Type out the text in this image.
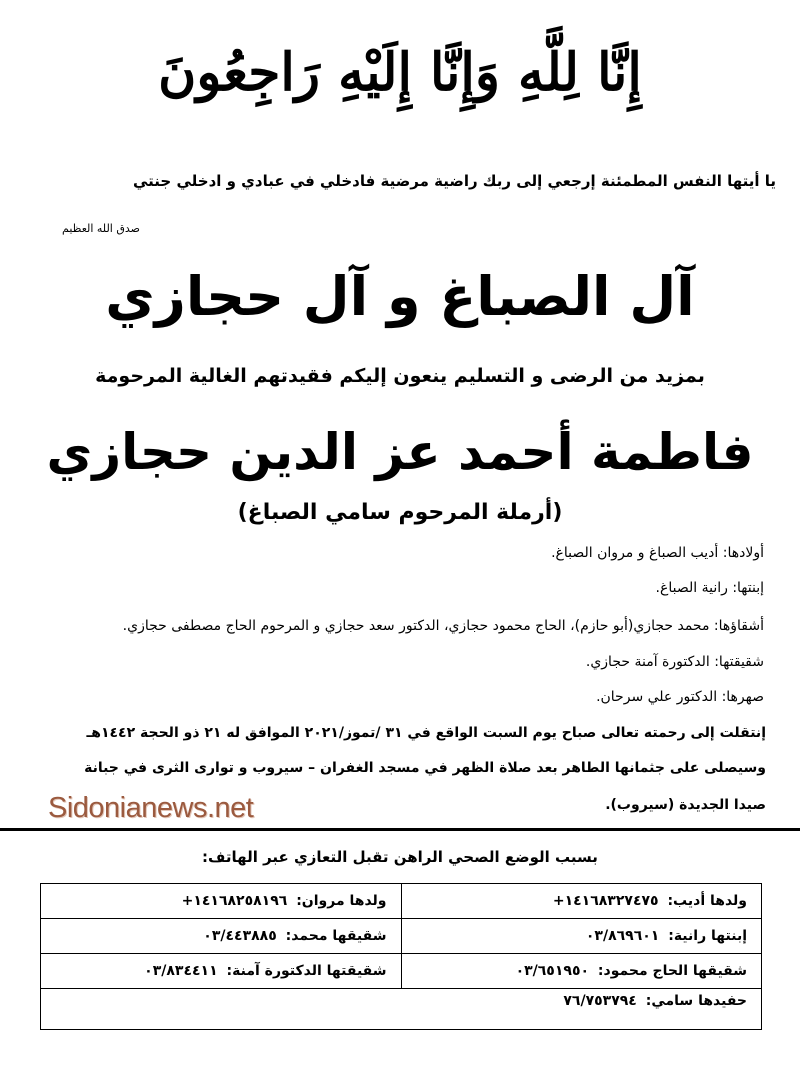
إِنَّا لِلَّهِ وَإِنَّا إِلَيْهِ رَاجِعُونَ
يا أيتها النفس المطمئنة إرجعي إلى ربك راضية مرضية فادخلي في عبادي و ادخلي جنتي
صدق الله العظيم
آل الصباغ و آل حجازي
بمزيد من الرضى و التسليم ينعون إليكم فقيدتهم الغالية المرحومة
فاطمة أحمد عز الدين حجازي
(أرملة المرحوم سامي الصباغ)
أولادها: أديب الصباغ و مروان الصباغ.
إبنتها: رانية الصباغ.
أشقاؤها: محمد حجازي(أبو حازم)، الحاج محمود حجازي، الدكتور سعد حجازي و المرحوم الحاج مصطفى حجازي.
شقيقتها: الدكتورة آمنة حجازي.
صهرها: الدكتور علي سرحان.
إنتقلت إلى رحمته تعالى صباح يوم السبت الواقع في ٣١ /تموز/٢٠٢١ الموافق له ٢١ ذو الحجة ١٤٤٢هـ
وسيصلى على جثمانها الطاهر بعد صلاة الظهر في مسجد الغفران – سيروب و توارى الثرى في جبانة
صيدا الجديدة (سيروب).
Sidonianews.net
بسبب الوضع الصحي الراهن تقبل التعازي عبر الهاتف:
ولدها أديب: +١٤١٦٨٣٢٧٤٧٥	ولدها مروان: +١٤١٦٨٢٥٨١٩٦
إبنتها رانية: ٠٣/٨٦٩٦٠١	شقيقها محمد: ٠٣/٤٤٣٨٨٥
شقيقها الحاج محمود: ٠٣/٦٥١٩٥٠	شقيقتها الدكتورة آمنة: ٠٣/٨٣٤٤١١
حفيدها سامي: ٧٦/٧٥٣٧٩٤	
